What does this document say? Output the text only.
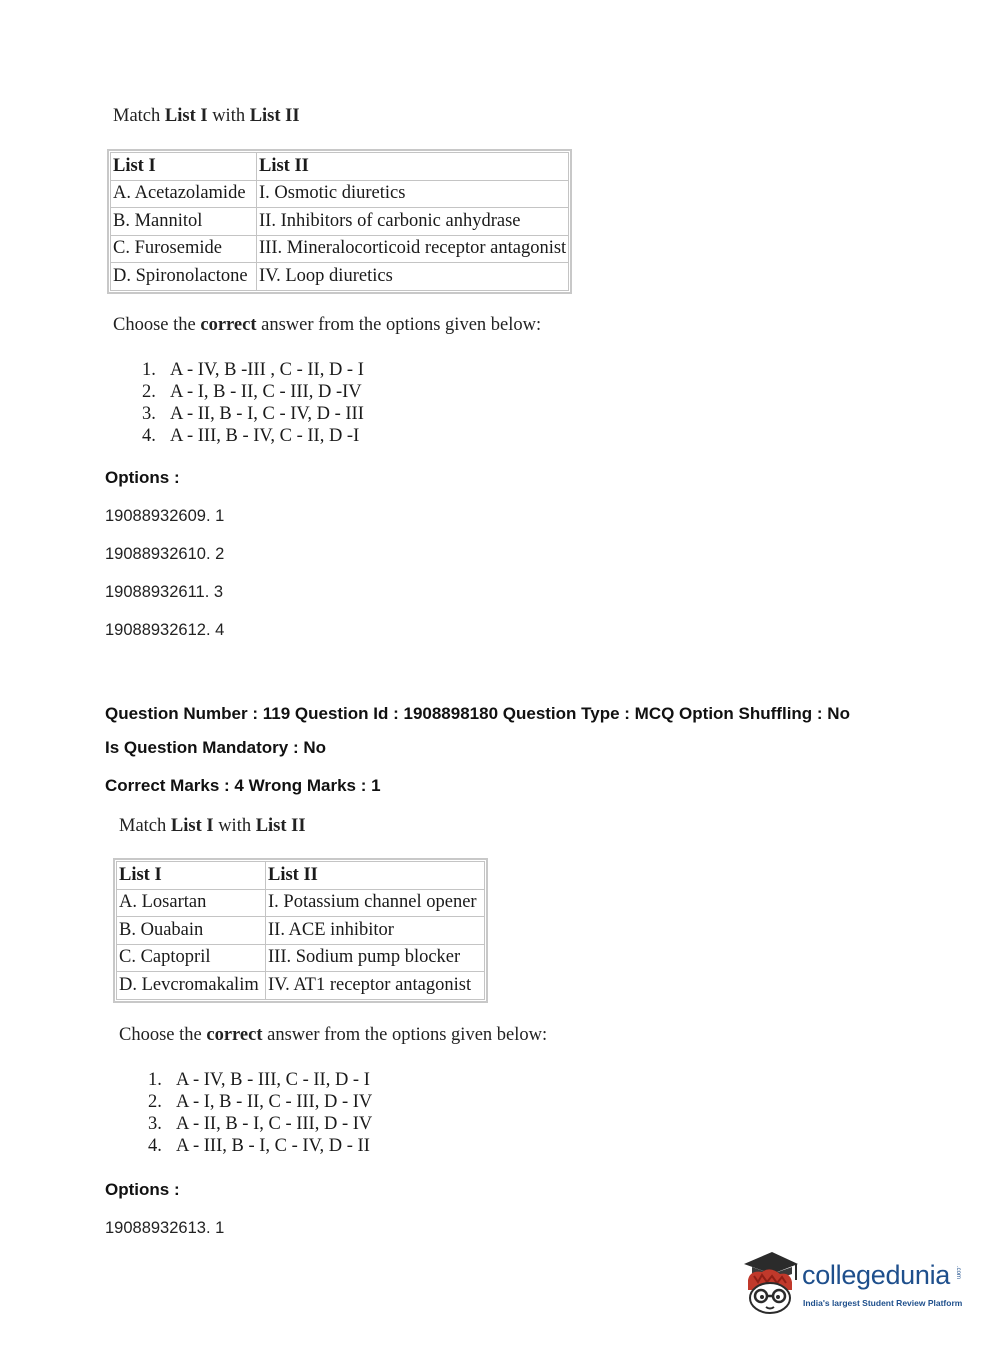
Match List I with List II
List I	List II
A. Acetazolamide	I. Osmotic diuretics
B. Mannitol	II. Inhibitors of carbonic anhydrase
C. Furosemide	III. Mineralocorticoid receptor antagonist
D. Spironolactone	IV. Loop diuretics
Choose the correct answer from the options given below:
1. A - IV, B -III , C - II, D - I
2. A - I, B - II, C - III, D -IV
3. A - II, B - I, C - IV, D - III
4. A - III, B - IV, C - II, D -I
Options :
19088932609. 1
19088932610. 2
19088932611. 3
19088932612. 4
Question Number : 119 Question Id : 1908898180 Question Type : MCQ Option Shuffling : No
Is Question Mandatory : No
Correct Marks : 4 Wrong Marks : 1
Match List I with List II
List I	List II
A. Losartan	I. Potassium channel opener
B. Ouabain	II. ACE inhibitor
C. Captopril	III. Sodium pump blocker
D. Levcromakalim	IV. AT1 receptor antagonist
Choose the correct answer from the options given below:
1. A - IV, B - III, C - II, D - I
2. A - I, B - II, C - III, D - IV
3. A - II, B - I, C - III, D - IV
4. A - III, B - I, C - IV, D - II
Options :
19088932613. 1
collegedunia .com
India's largest Student Review Platform
